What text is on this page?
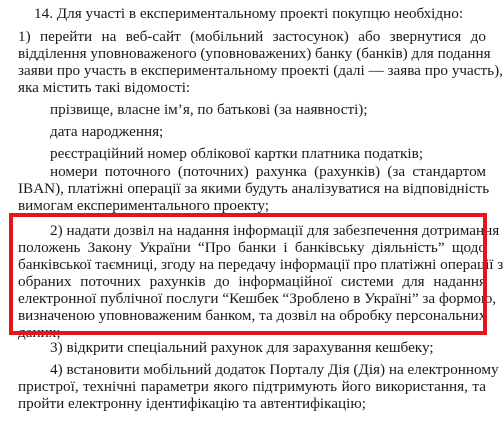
14. Для участі в експериментальному проекті покупцю необхідно:
1) перейти на веб-сайт (мобільний застосунок) або звернутися до
відділення уповноваженого (уповноважених) банку (банків) для подання
заяви про участь в експериментальному проекті (далі — заява про участь),
яка містить такі відомості:
прізвище, власне ім’я, по батькові (за наявності);
дата народження;
реєстраційний номер облікової картки платника податків;
номери поточного (поточних) рахунка (рахунків) (за стандартом
IBAN), платіжні операції за якими будуть аналізуватися на відповідність
вимогам експериментального проекту;
2) надати дозвіл на надання інформації для забезпечення дотримання
положень Закону України “Про банки і банківську діяльність” щодо
банківської таємниці, згоду на передачу інформації про платіжні операції з
обраних поточних рахунків до інформаційної системи для надання
електронної публічної послуги “Кешбек “Зроблено в Україні” за формою,
визначеною уповноваженим банком, та дозвіл на обробку персональних
даних;
3) відкрити спеціальний рахунок для зарахування кешбеку;
4) встановити мобільний додаток Порталу Дія (Дія) на електронному
пристрої, технічні параметри якого підтримують його використання, та
пройти електронну ідентифікацію та автентифікацію;
